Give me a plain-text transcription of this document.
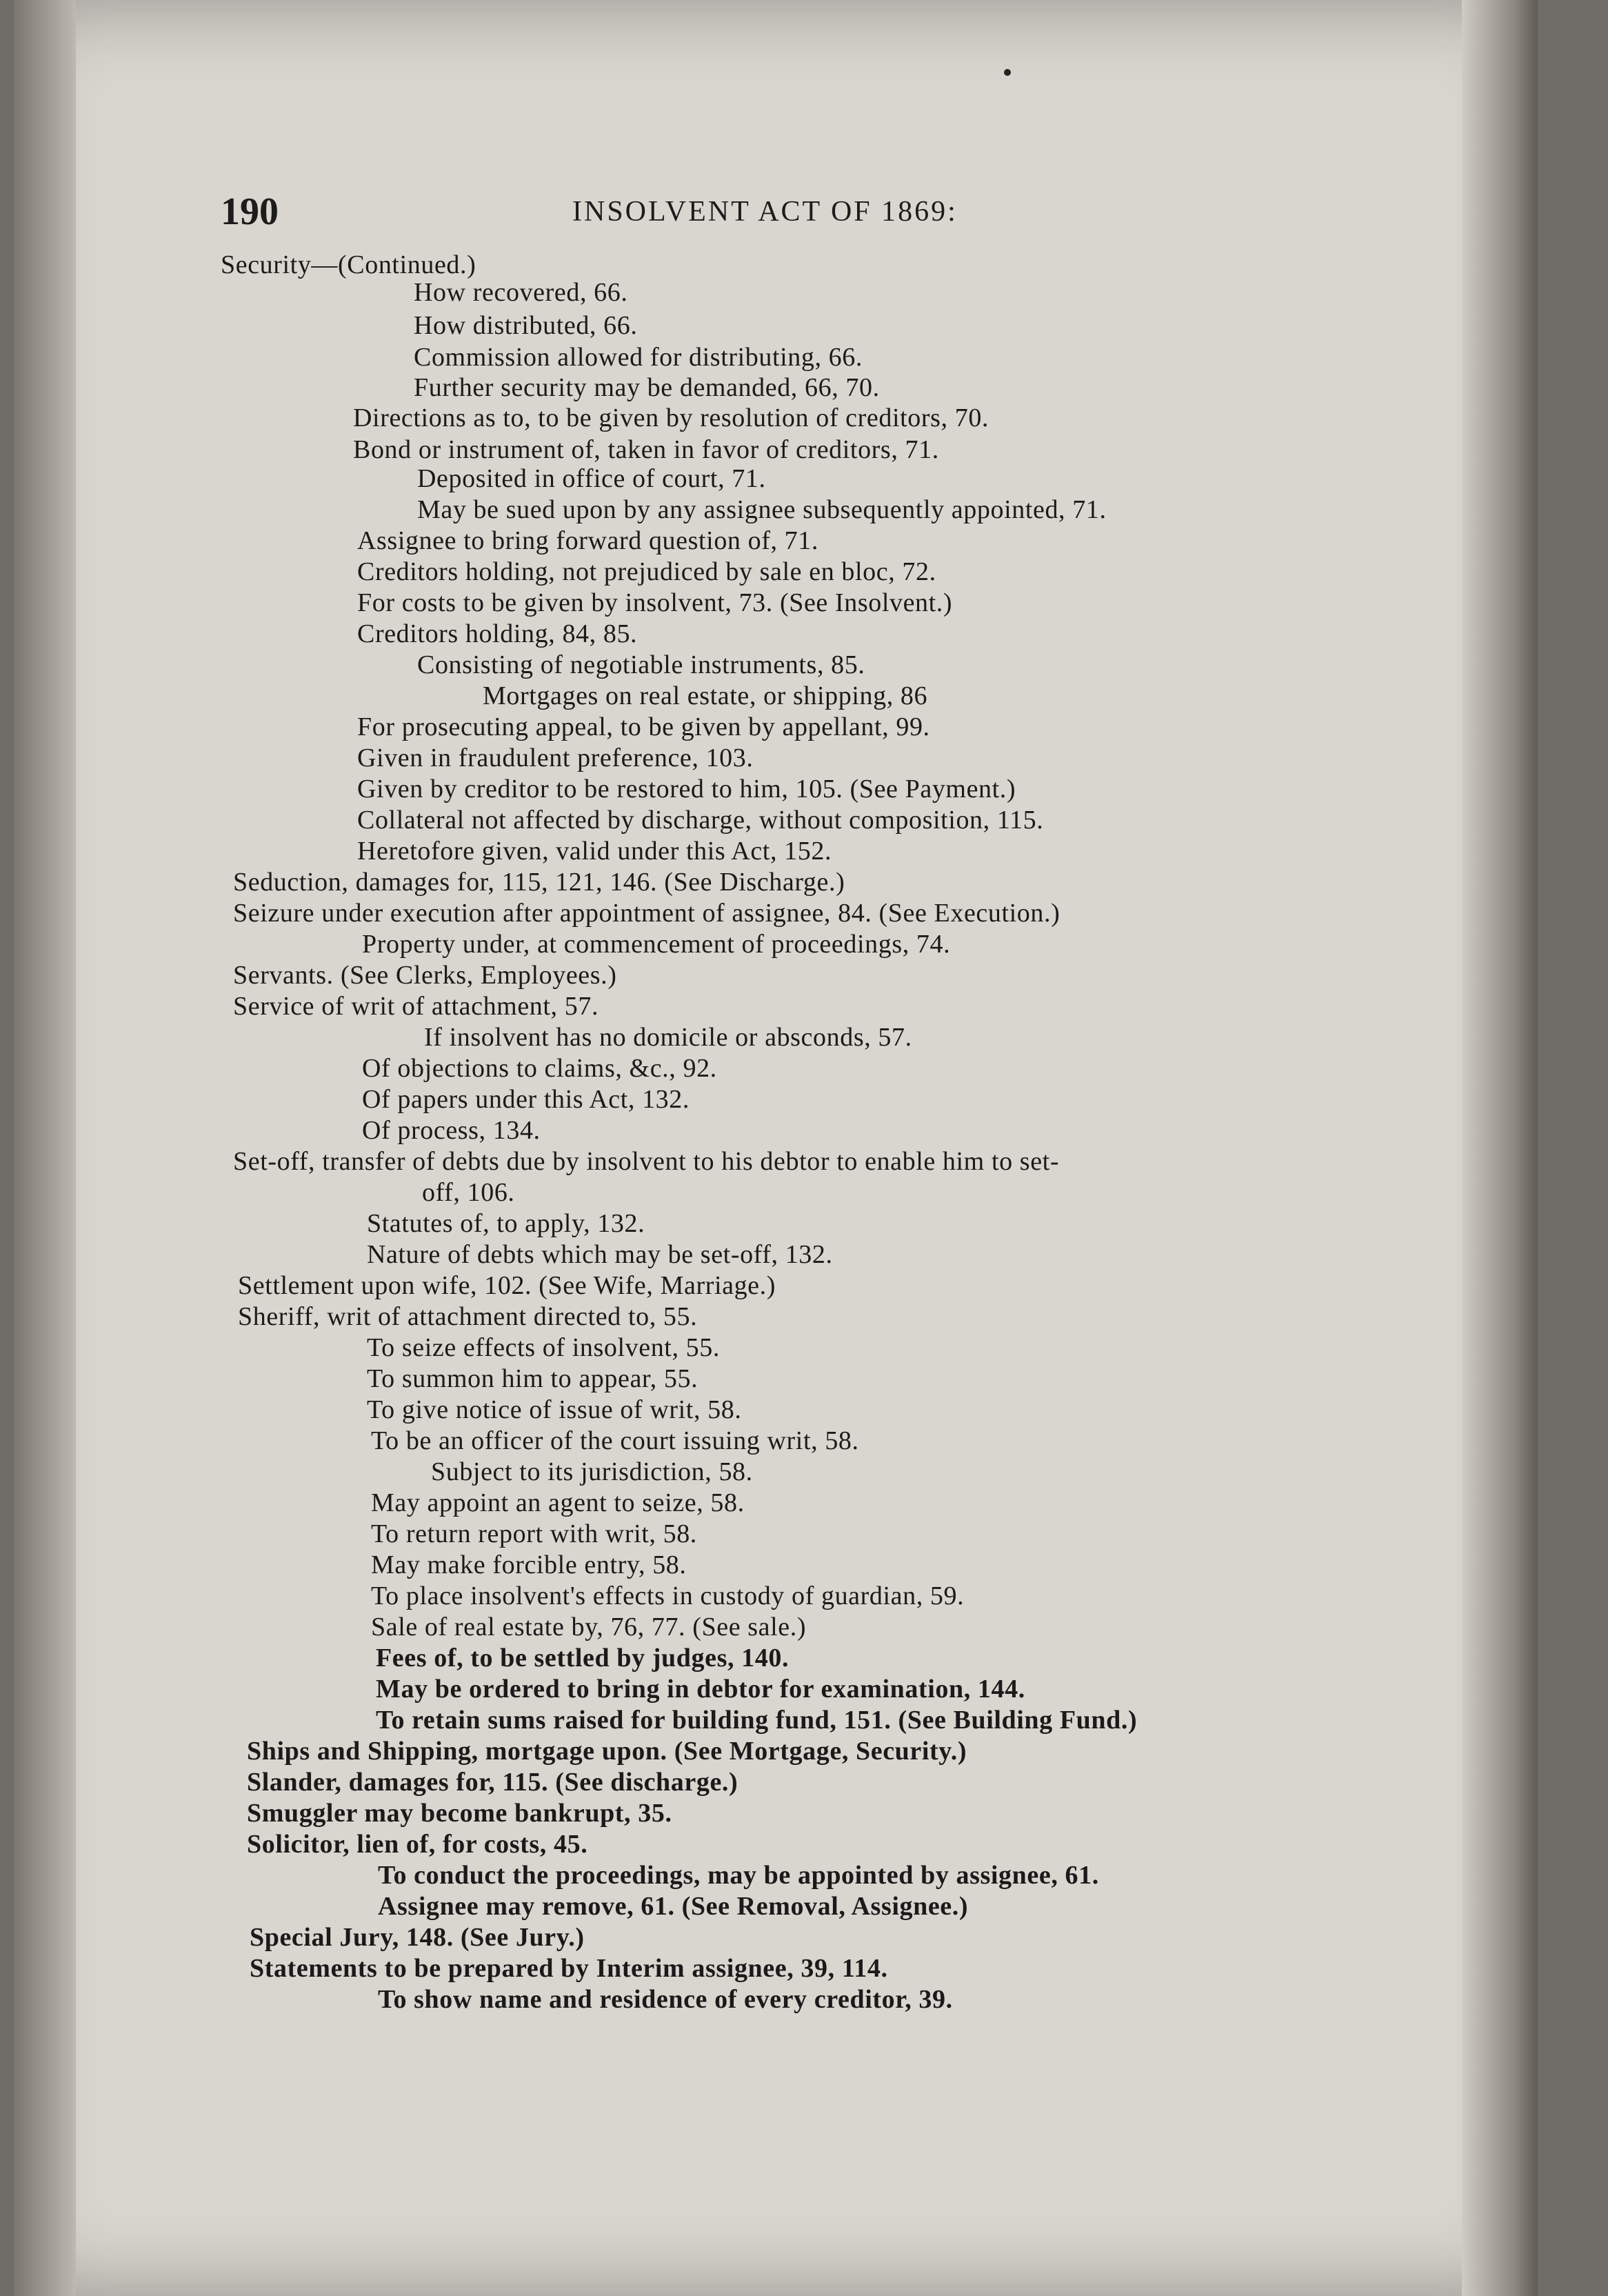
190	INSOLVENT ACT OF 1869:
Security—(Continued.)
How recovered, 66.
How distributed, 66.
Commission allowed for distributing, 66.
Further security may be demanded, 66, 70.
Directions as to, to be given by resolution of creditors, 70.
Bond or instrument of, taken in favor of creditors, 71.
Deposited in office of court, 71.
May be sued upon by any assignee subsequently appointed, 71.
Assignee to bring forward question of, 71.
Creditors holding, not prejudiced by sale en bloc, 72.
For costs to be given by insolvent, 73. (See Insolvent.)
Creditors holding, 84, 85.
Consisting of negotiable instruments, 85.
Mortgages on real estate, or shipping, 86
For prosecuting appeal, to be given by appellant, 99.
Given in fraudulent preference, 103.
Given by creditor to be restored to him, 105. (See Payment.)
Collateral not affected by discharge, without composition, 115.
Heretofore given, valid under this Act, 152.
Seduction, damages for, 115, 121, 146. (See Discharge.)
Seizure under execution after appointment of assignee, 84. (See Execution.)
Property under, at commencement of proceedings, 74.
Servants. (See Clerks, Employees.)
Service of writ of attachment, 57.
If insolvent has no domicile or absconds, 57.
Of objections to claims, &c., 92.
Of papers under this Act, 132.
Of process, 134.
Set-off, transfer of debts due by insolvent to his debtor to enable him to set-
off, 106.
Statutes of, to apply, 132.
Nature of debts which may be set-off, 132.
Settlement upon wife, 102. (See Wife, Marriage.)
Sheriff, writ of attachment directed to, 55.
To seize effects of insolvent, 55.
To summon him to appear, 55.
To give notice of issue of writ, 58.
To be an officer of the court issuing writ, 58.
Subject to its jurisdiction, 58.
May appoint an agent to seize, 58.
To return report with writ, 58.
May make forcible entry, 58.
To place insolvent's effects in custody of guardian, 59.
Sale of real estate by, 76, 77. (See sale.)
Fees of, to be settled by judges, 140.
May be ordered to bring in debtor for examination, 144.
To retain sums raised for building fund, 151. (See Building Fund.)
Ships and Shipping, mortgage upon. (See Mortgage, Security.)
Slander, damages for, 115. (See discharge.)
Smuggler may become bankrupt, 35.
Solicitor, lien of, for costs, 45.
To conduct the proceedings, may be appointed by assignee, 61.
Assignee may remove, 61. (See Removal, Assignee.)
Special Jury, 148. (See Jury.)
Statements to be prepared by Interim assignee, 39, 114.
To show name and residence of every creditor, 39.
